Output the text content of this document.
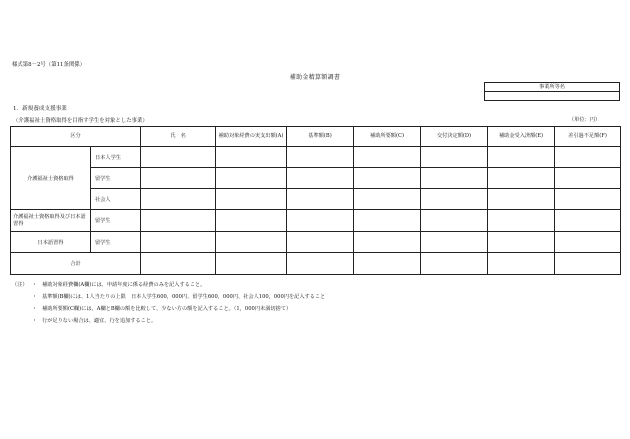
様式第8－2号（第11条関係）
補助金精算額調書
事業所等名
1．新規養成支援事業
（介護福祉士資格取得を目指す学生を対象とした事業）	（単位：円）
区分		氏　名	補助対象経費の実支出額(A)	基準額(B)	補助所要額(C)	交付決定額(D)	補助金受入済額(E)	差引過不足額(F)
介護福祉士資格取得	日本人学生							
	留学生							
	社会人							
介護福祉士資格取得及び日本語習得	留学生							
日本語習得	留学生							
合計								
（注） ・ 補助対象経費欄(A欄)には、申請年度に係る経費のみを記入すること。
・ 基準額(B欄)には、1人当たりの上限　日本人学生600，000円、留学生600，000円、社会人100，000円を記入すること
・ 補助所要額(C欄)には、A欄とB欄の額を比較して、少ない方の額を記入すること。（1，000円未満切捨て）
・ 行が足りない場合は、適宜、行を追加すること。
